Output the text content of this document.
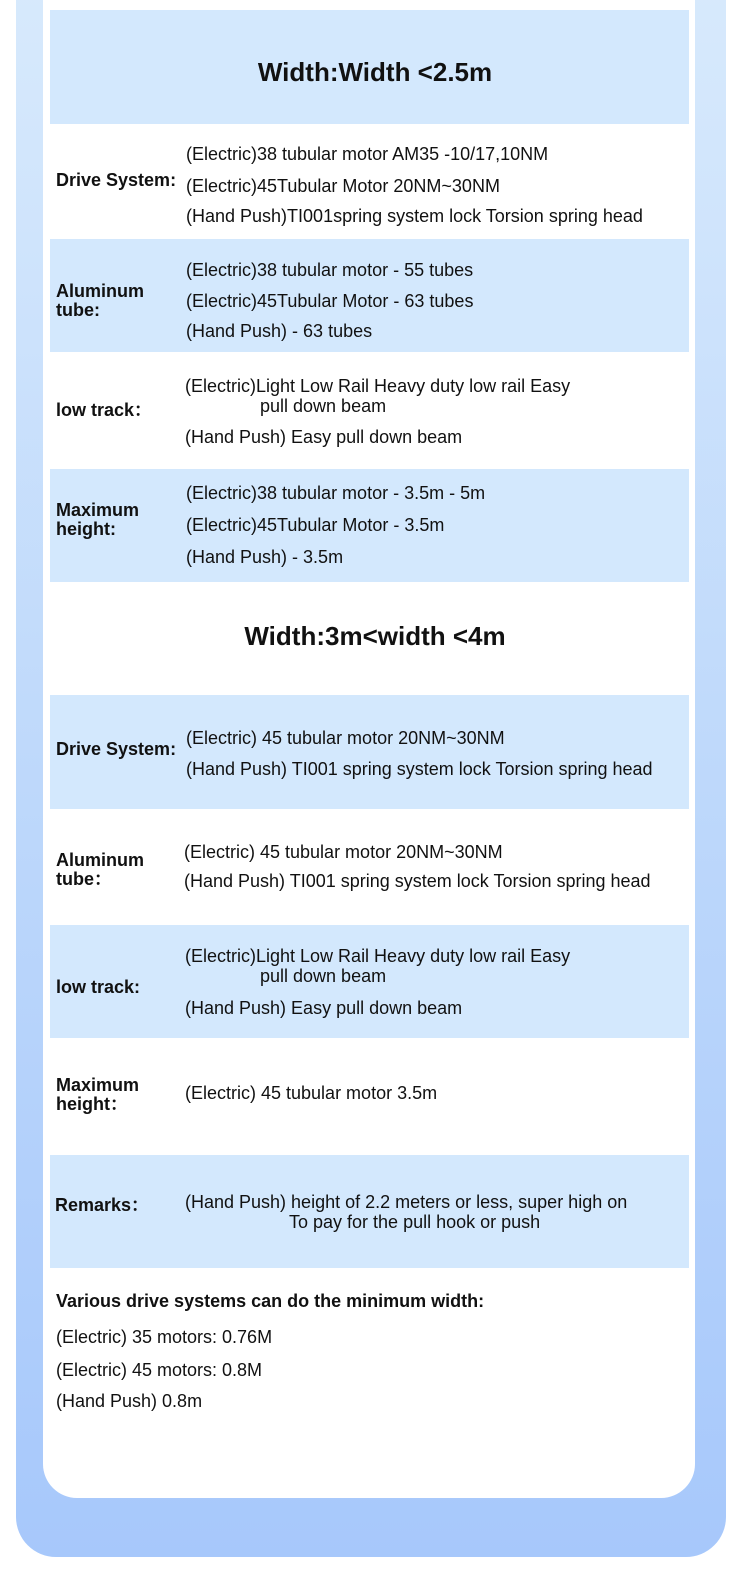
Width:Width <2.5m
Drive System:
(Electric)38 tubular motor AM35 -10/17,10NM
(Electric)45Tubular Motor 20NM~30NM
(Hand Push)TI001spring system lock Torsion spring head
Aluminum
tube:
(Electric)38 tubular motor - 55 tubes
(Electric)45Tubular Motor - 63 tubes
(Hand Push) - 63 tubes
low track：
(Electric)Light Low Rail Heavy duty low rail Easy
pull down beam
(Hand Push) Easy pull down beam
Maximum
height:
(Electric)38 tubular motor - 3.5m - 5m
(Electric)45Tubular Motor - 3.5m
(Hand Push) - 3.5m
Width:3m<width <4m
Drive System:
(Electric) 45 tubular motor 20NM~30NM
(Hand Push) TI001 spring system lock Torsion spring head
Aluminum
tube：
(Electric) 45 tubular motor 20NM~30NM
(Hand Push) TI001 spring system lock Torsion spring head
low track:
(Electric)Light Low Rail Heavy duty low rail Easy
pull down beam
(Hand Push) Easy pull down beam
Maximum
height：
(Electric) 45 tubular motor 3.5m
Remarks： (Hand Push) height of 2.2 meters or less, super high on
To pay for the pull hook or push
Various drive systems can do the minimum width:
(Electric) 35 motors: 0.76M
(Electric) 45 motors: 0.8M
(Hand Push) 0.8m
